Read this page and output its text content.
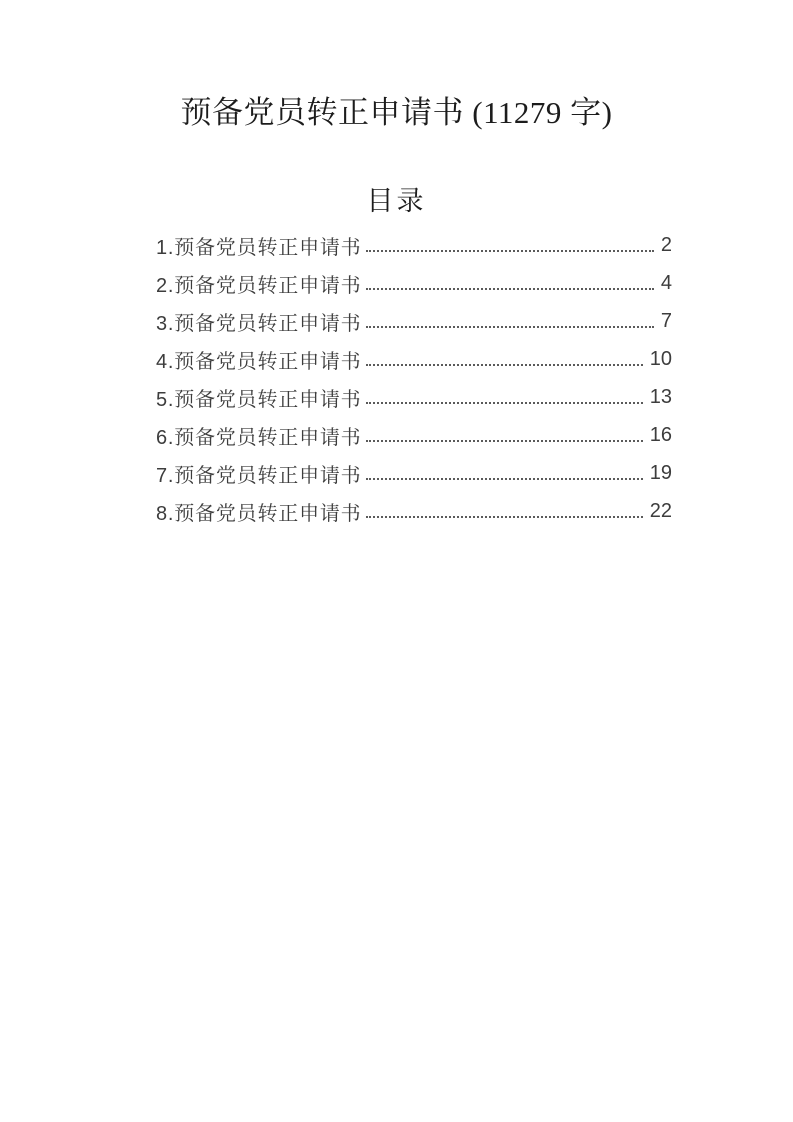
预备党员转正申请书 (11279 字)
目录
1.预备党员转正申请书	2
2.预备党员转正申请书	4
3.预备党员转正申请书	7
4.预备党员转正申请书	10
5.预备党员转正申请书	13
6.预备党员转正申请书	16
7.预备党员转正申请书	19
8.预备党员转正申请书	22
